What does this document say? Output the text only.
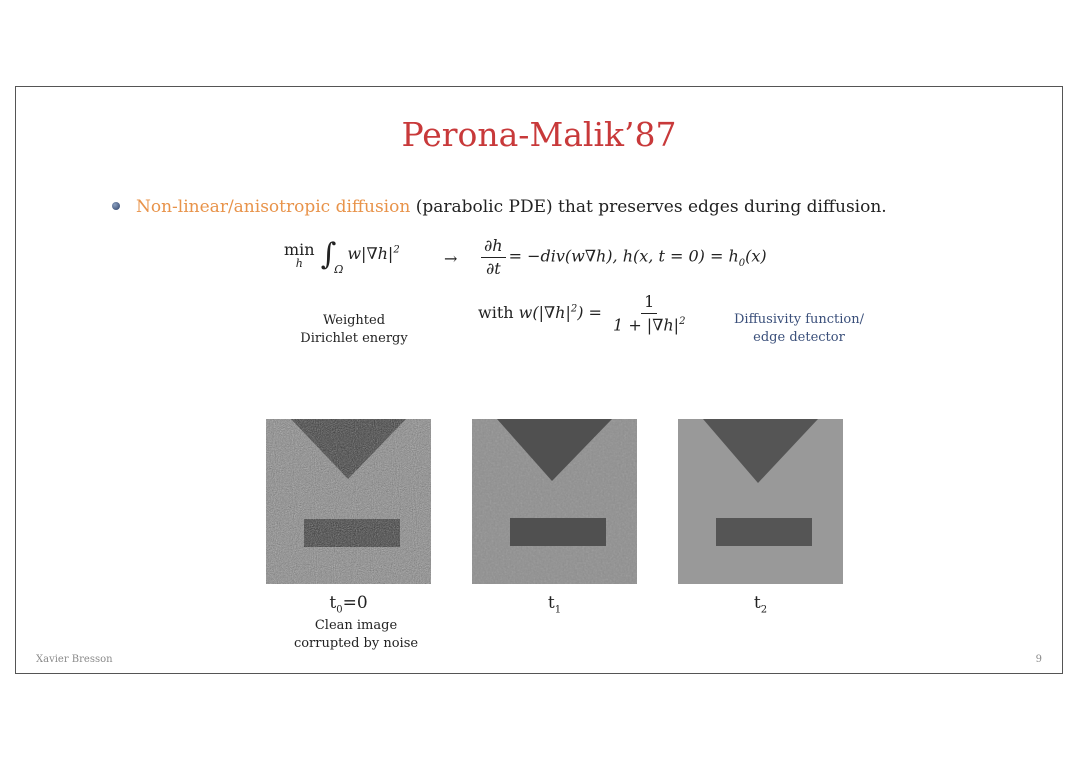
Perona-Malik’87
Non-linear/anisotropic diffusion (parabolic PDE) that preserves edges during diffusion.
min
h $\int_\Omega w|\nabla h|^2$	→ $\frac{\partial h}{\partial t} = -div(w\nabla h)$, h(x, $t = 0) = h_0(x)$
with $w(|\nabla h|^2) = \frac{1}{1 + |\nabla h|^2}$
Weighted
Dirichlet energy
Diffusivity function/
edge detector
$t_0=0$	$t_1$	$t_2$
Clean image
corrupted by noise
Xavier Bresson	9
